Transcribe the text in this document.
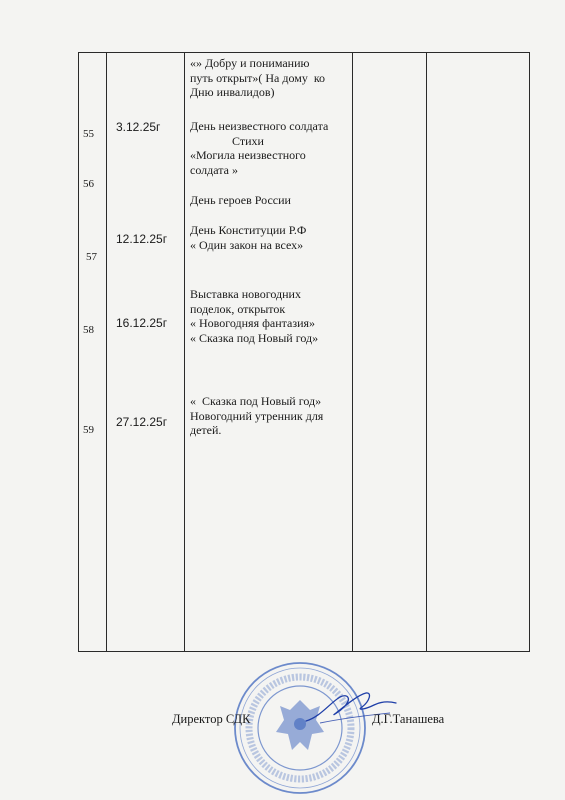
«» Добру и пониманию
путь открыт»( На дому  ко
Дню инвалидов)
55 3.12.25г День неизвестного солдата
Стихи
«Могила неизвестного
солдата »
56
День героев России
57
12.12.25г
День Конституции Р.Ф
« Один закон на всех»
58 16.12.25г
Выставка новогодних
поделок, открыток
« Новогодняя фантазия»
« Сказка под Новый год»
59
27.12.25г
«  Сказка под Новый год»
Новогодний утренник для
детей.
Директор СДК	Д.Г.Танашева
